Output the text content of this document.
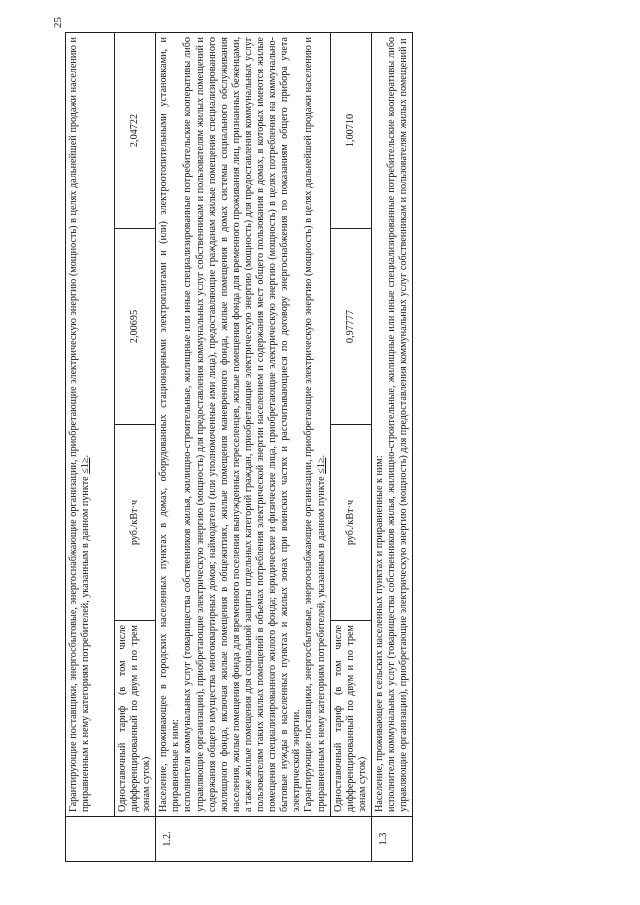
25
	Гарантирующие поставщики, энергосбытовые, энергоснабжающие организации, приобретающие электрическую энергию (мощность) в целях дальнейшей продажи населению и приравненным к нему категориям потребителей, указанным в данном пункте ≤1≥.			
	Одноставочный тариф (в том числе дифференцированный по двум и по трем зонам суток)	руб./кВт·ч	2,00695	2,04722
1.2.	Население, проживающее в городских населенных пунктах в домах, оборудованных стационарными электроплитами и (или) электроотопительными установками, и приравненные к ним: исполнители коммунальных услуг (товарищества собственников жилья, жилищно-строительные, жилищные или иные специализированные потребительские кооперативы либо управляющие организации), приобретающие электрическую энергию (мощность) для предоставления коммунальных услуг собственникам и пользователям жилых помещений и содержания общего имущества многоквартирных домов; наймодатели (или уполномоченные ими лица), предоставляющие гражданам жилые помещения специализированного жилищного фонда, включая жилые помещения в общежитиях, жилые помещения маневренного фонда, жилые помещения в домах системы социального обслуживания населения, жилые помещения фонда для временного поселения вынужденных переселенцев, жилые помещения фонда для временного проживания лиц, признанных беженцами, а также жилые помещения для социальной защиты отдельных категорий граждан, приобретающие электрическую энергию (мощность) для предоставления коммунальных услуг пользователям таких жилых помещений в объемах потребления электрической энергии населением и содержания мест общего пользования в домах, в которых имеются жилые помещения специализированного жилого фонда; юридические и физические лица, приобретающие электрическую энергию (мощность) в целях потребления на коммунально-бытовые нужды в населенных пунктах и жилых зонах при воинских частях и рассчитывающиеся по договору энергоснабжения по показаниям общего прибора учета электрической энергии. Гарантирующие поставщики, энергосбытовые, энергоснабжающие организации, приобретающие электрическую энергию (мощность) в целях дальнейшей продажи населению и приравненным к нему категориям потребителей, указанным в данном пункте ≤1≥.			

	Одноставочный тариф (в том числе дифференцированный по двум и по трем зонам суток)	руб./кВт·ч	0,97777	1,00710
1.3	Население, проживающее в сельских населенных пунктах и приравненные к ним: исполнители коммунальных услуг (товарищества собственников жилья, жилищно-строительные, жилищные или иные специализированные потребительские кооперативы либо управляющие организации), приобретающие электрическую энергию (мощность) для предоставления коммунальных услуг собственникам и пользователям жилых помещений и			
